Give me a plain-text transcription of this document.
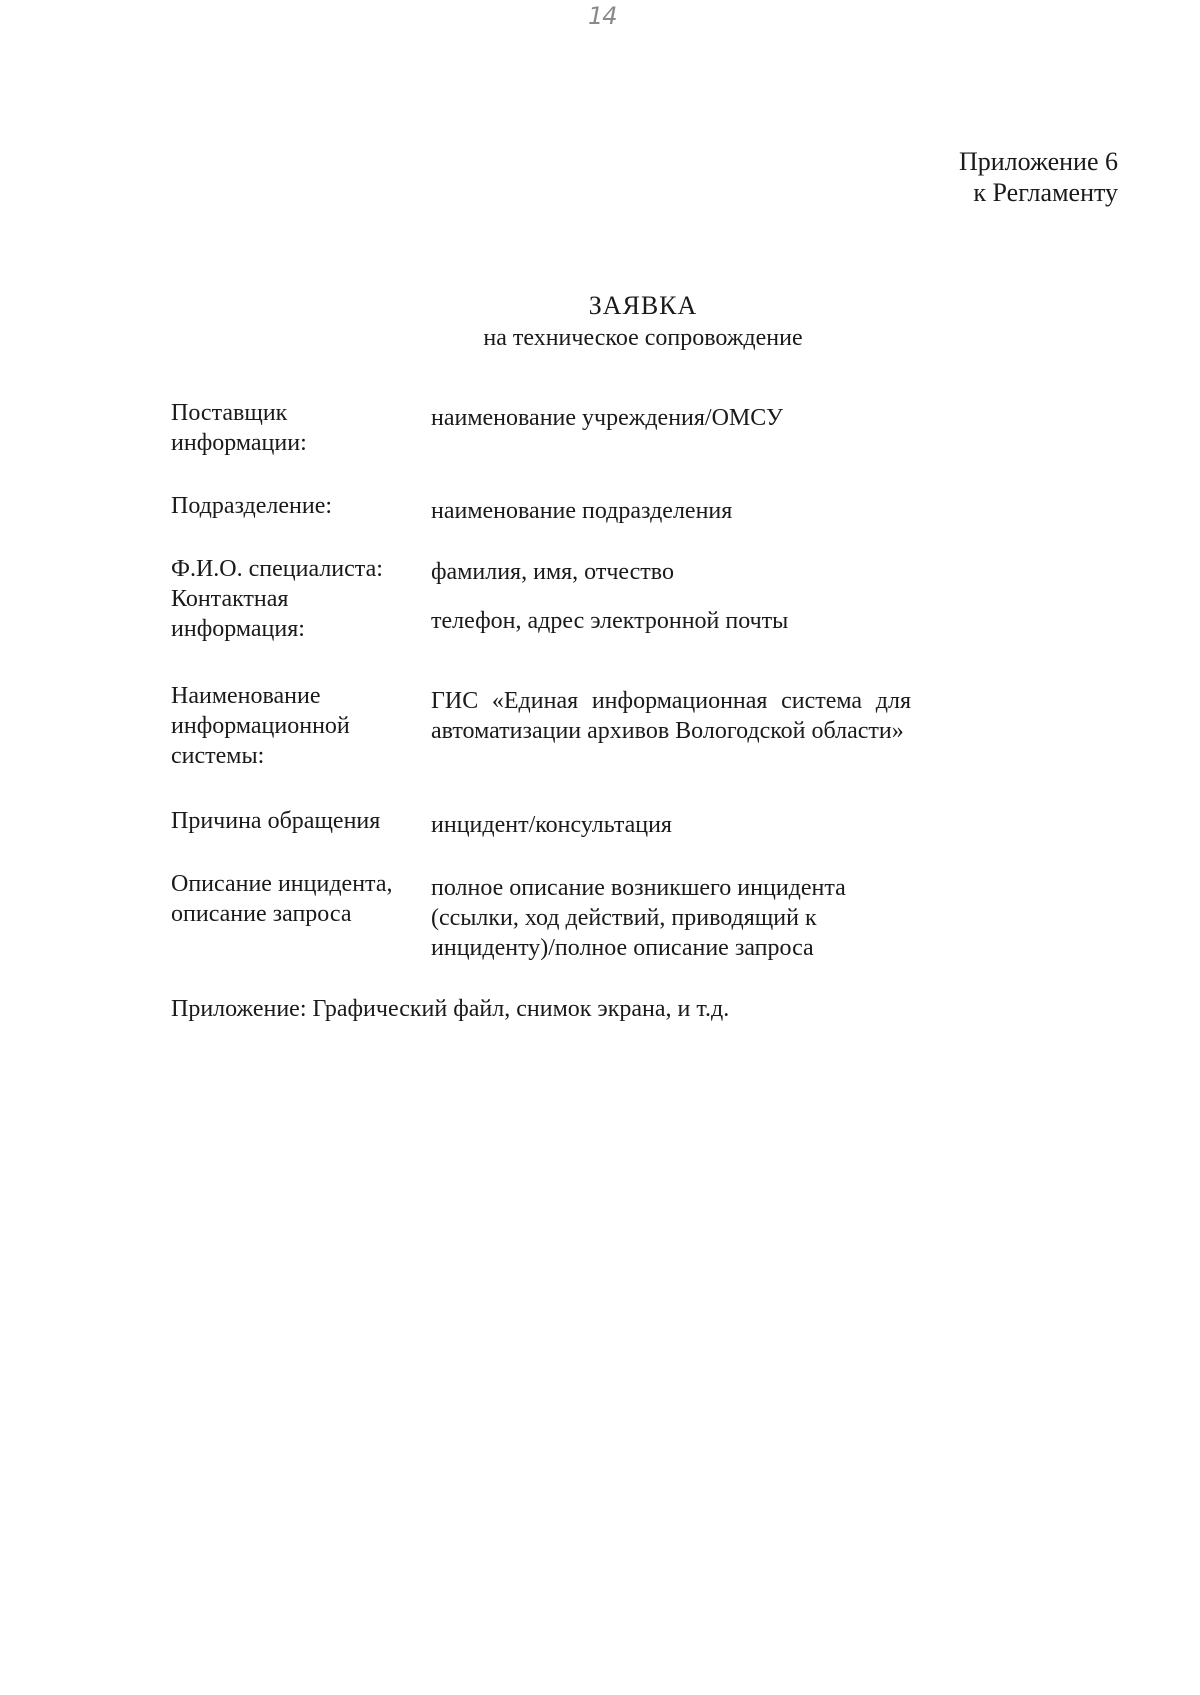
14
Приложение 6
к Регламенту
ЗАЯВКА
на техническое сопровождение
Поставщик
информации:
наименование учреждения/ОМСУ
Подразделение:	наименование подразделения
Ф.И.О. специалиста: фамилия, имя, отчество
Контактная
информация:	телефон, адрес электронной почты
Наименование
информационной
системы:
ГИС «Единая информационная система для автоматизации архивов Вологодской области»
Причина обращения инцидент/консультация
Описание инцидента,
описание запроса
полное описание возникшего инцидента
(ссылки, ход действий, приводящий к
инциденту)/полное описание запроса
Приложение: Графический файл, снимок экрана, и т.д.
